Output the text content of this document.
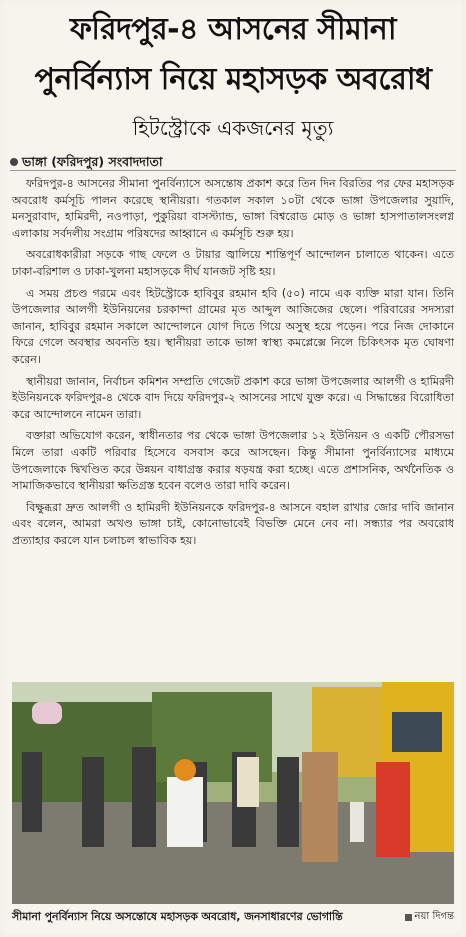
ফরিদপুর-৪ আসনের সীমানা
পুনর্বিন্যাস নিয়ে মহাসড়ক অবরোধ
হিটস্ট্রোকে একজনের মৃত্যু
ভাঙ্গা (ফরিদপুর) সংবাদদাতা

ফরিদপুর-৪ আসনের সীমানা পুনর্বিন্যাসে অসন্তোষ প্রকাশ করে তিন দিন বিরতির পর ফের মহাসড়ক অবরোধ কর্মসূচি পালন করেছে স্থানীয়রা। গতকাল সকাল ১০টা থেকে ভাঙ্গা উপজেলার সুয়াদি, মনসুরাবাদ, হামিরদী, নওপাড়া, পুকুরিয়া বাসস্ট্যান্ড, ভাঙ্গা বিশ্বরোড মোড় ও ভাঙ্গা হাসপাতালসংলগ্ন এলাকায় সর্বদলীয় সংগ্রাম পরিষদের আহ্বানে এ কর্মসূচি শুরু হয়।

অবরোধকারীরা সড়কে গাছ ফেলে ও টায়ার জ্বালিয়ে শান্তিপূর্ণ আন্দোলন চালাতে থাকেন। এতে ঢাকা-বরিশাল ও ঢাকা-খুলনা মহাসড়কে দীর্ঘ যানজট সৃষ্টি হয়।

এ সময় প্রচণ্ড গরমে এবং হিটস্ট্রোকে হাবিবুর রহমান হবি (৫০) নামে এক ব্যক্তি মারা যান। তিনি উপজেলার আলগী ইউনিয়নের চরকান্দা গ্রামের মৃত আব্দুল আজিজের ছেলে। পরিবারের সদস্যরা জানান, হাবিবুর রহমান সকালে আন্দোলনে যোগ দিতে গিয়ে অসুস্থ হয়ে পড়েন। পরে নিজ দোকানে ফিরে গেলে অবস্থার অবনতি হয়। স্থানীয়রা তাকে ভাঙ্গা স্বাস্থ্য কমপ্লেক্সে নিলে চিকিৎসক মৃত ঘোষণা করেন।

স্থানীয়রা জানান, নির্বাচন কমিশন সম্প্রতি গেজেট প্রকাশ করে ভাঙ্গা উপজেলার আলগী ও হামিরদী ইউনিয়নকে ফরিদপুর-৪ থেকে বাদ দিয়ে ফরিদপুর-২ আসনের সাথে যুক্ত করে। এ সিদ্ধান্তের বিরোধিতা করে আন্দোলনে নামেন তারা।

বক্তারা অভিযোগ করেন, স্বাধীনতার পর থেকে ভাঙ্গা উপজেলার ১২ ইউনিয়ন ও একটি পৌরসভা মিলে তারা একটি পরিবার হিসেবে বসবাস করে আসছেন। কিন্তু সীমানা পুনর্বিন্যাসের মাধ্যমে উপজেলাকে দ্বিখণ্ডিত করে উন্নয়ন বাধাগ্রস্ত করার ষড়যন্ত্র করা হচ্ছে। এতে প্রশাসনিক, অর্থনৈতিক ও সামাজিকভাবে স্থানীয়রা ক্ষতিগ্রস্ত হবেন বলেও তারা দাবি করেন।

বিক্ষুব্ধরা দ্রুত আলগী ও হামিরদী ইউনিয়নকে ফরিদপুর-৪ আসনে বহাল রাখার জোর দাবি জানান এবং বলেন, আমরা অখণ্ড ভাঙ্গা চাই, কোনোভাবেই বিভক্তি মেনে নেব না। সন্ধ্যার পর অবরোধ প্রত্যাহার করলে যান চলাচল স্বাভাবিক হয়।

সীমানা পুনর্বিন্যাস নিয়ে অসন্তোষে মহাসড়ক অবরোধ, জনসাধারণের ভোগান্তি	নয়া দিগন্ত
